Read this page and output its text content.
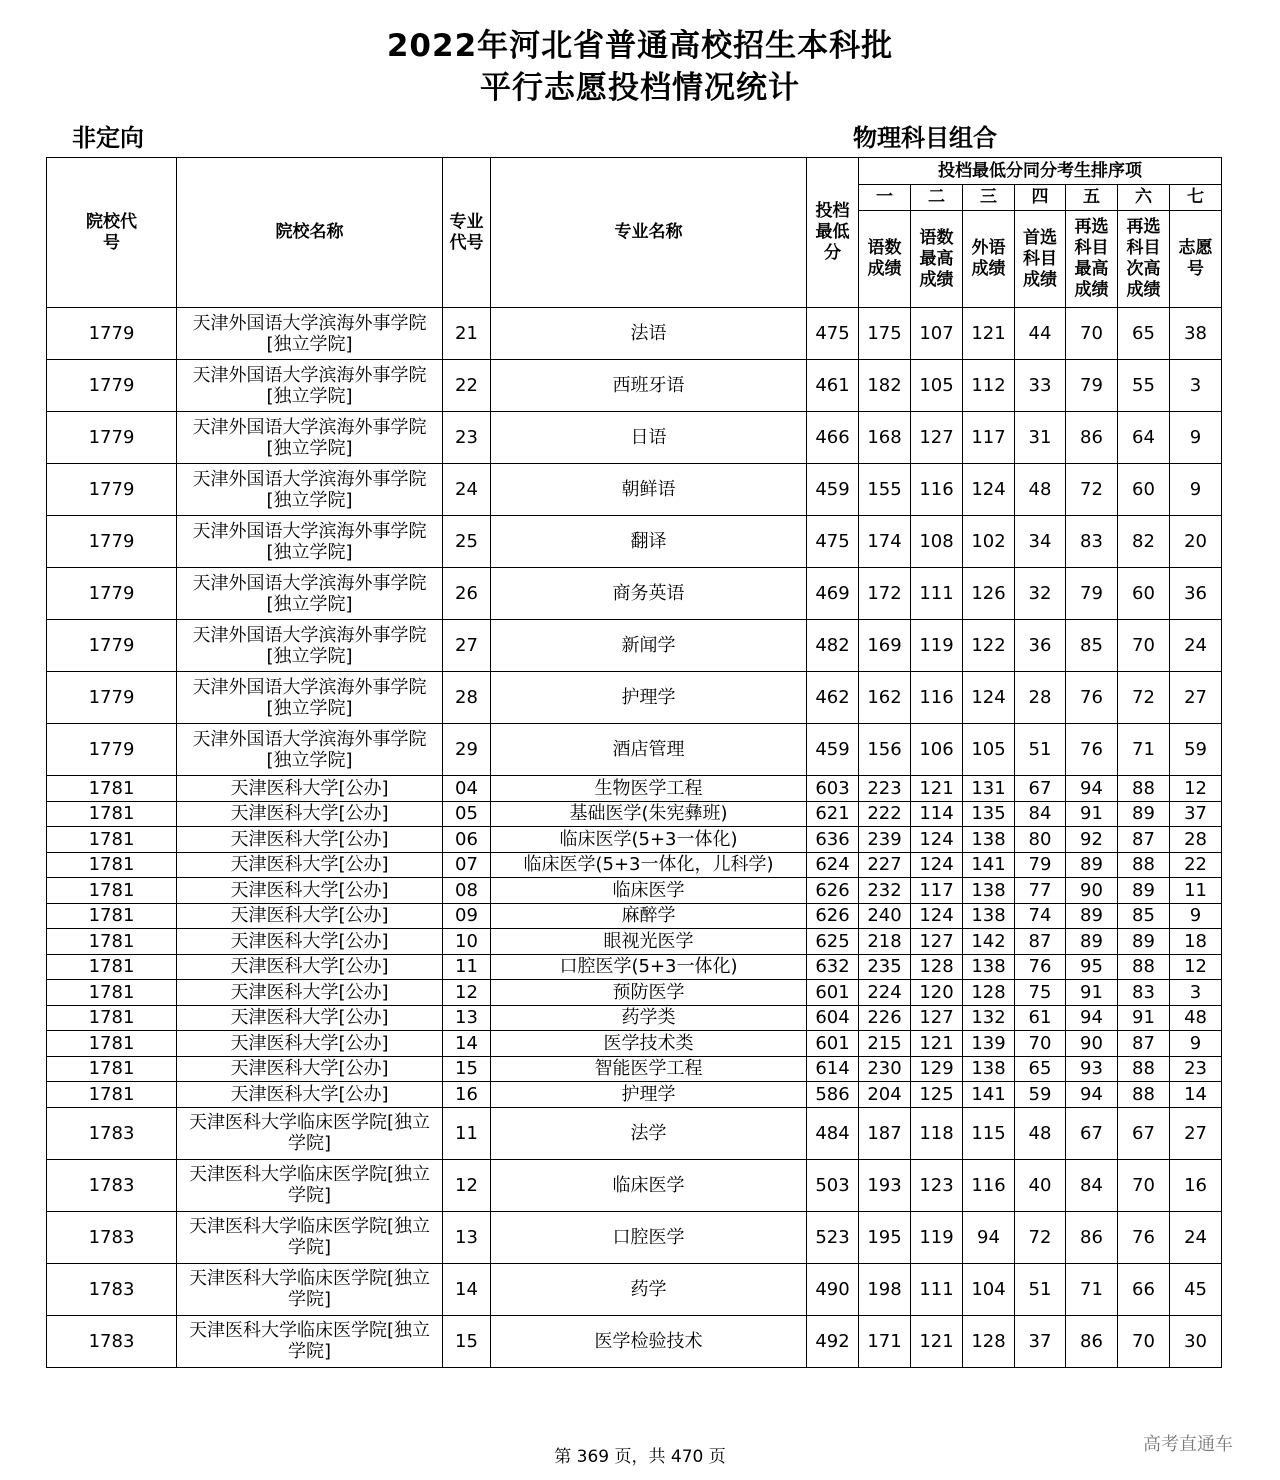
2022年河北省普通高校招生本科批
平行志愿投档情况统计
非定向	物理科目组合
院校代号	院校名称	专业代号	专业名称	投档最低分	投档最低分同分考生排序项						
					一	二	三	四	五	六	七
					语数成绩	语数最高成绩	外语成绩	首选科目成绩	再选科目最高成绩	再选科目次高成绩	志愿号
1779	天津外国语大学滨海外事学院[独立学院]	21	法语	475	175	107	121	44	70	65	38
1779	天津外国语大学滨海外事学院[独立学院]	22	西班牙语	461	182	105	112	33	79	55	3
1779	天津外国语大学滨海外事学院[独立学院]	23	日语	466	168	127	117	31	86	64	9
1779	天津外国语大学滨海外事学院[独立学院]	24	朝鲜语	459	155	116	124	48	72	60	9
1779	天津外国语大学滨海外事学院[独立学院]	25	翻译	475	174	108	102	34	83	82	20
1779	天津外国语大学滨海外事学院[独立学院]	26	商务英语	469	172	111	126	32	79	60	36
1779	天津外国语大学滨海外事学院[独立学院]	27	新闻学	482	169	119	122	36	85	70	24
1779	天津外国语大学滨海外事学院[独立学院]	28	护理学	462	162	116	124	28	76	72	27
1779	天津外国语大学滨海外事学院[独立学院]	29	酒店管理	459	156	106	105	51	76	71	59
1781	天津医科大学[公办]	04	生物医学工程	603	223	121	131	67	94	88	12
1781	天津医科大学[公办]	05	基础医学(朱宪彝班)	621	222	114	135	84	91	89	37
1781	天津医科大学[公办]	06	临床医学(5+3一体化)	636	239	124	138	80	92	87	28
1781	天津医科大学[公办]	07	临床医学(5+3一体化，儿科学)	624	227	124	141	79	89	88	22
1781	天津医科大学[公办]	08	临床医学	626	232	117	138	77	90	89	11
1781	天津医科大学[公办]	09	麻醉学	626	240	124	138	74	89	85	9
1781	天津医科大学[公办]	10	眼视光医学	625	218	127	142	87	89	89	18
1781	天津医科大学[公办]	11	口腔医学(5+3一体化)	632	235	128	138	76	95	88	12
1781	天津医科大学[公办]	12	预防医学	601	224	120	128	75	91	83	3
1781	天津医科大学[公办]	13	药学类	604	226	127	132	61	94	91	48
1781	天津医科大学[公办]	14	医学技术类	601	215	121	139	70	90	87	9
1781	天津医科大学[公办]	15	智能医学工程	614	230	129	138	65	93	88	23
1781	天津医科大学[公办]	16	护理学	586	204	125	141	59	94	88	14
1783	天津医科大学临床医学院[独立学院]	11	法学	484	187	118	115	48	67	67	27
1783	天津医科大学临床医学院[独立学院]	12	临床医学	503	193	123	116	40	84	70	16
1783	天津医科大学临床医学院[独立学院]	13	口腔医学	523	195	119	94	72	86	76	24
1783	天津医科大学临床医学院[独立学院]	14	药学	490	198	111	104	51	71	66	45
1783	天津医科大学临床医学院[独立学院]	15	医学检验技术	492	171	121	128	37	86	70	30
第 369 页，共 470 页
高考直通车
